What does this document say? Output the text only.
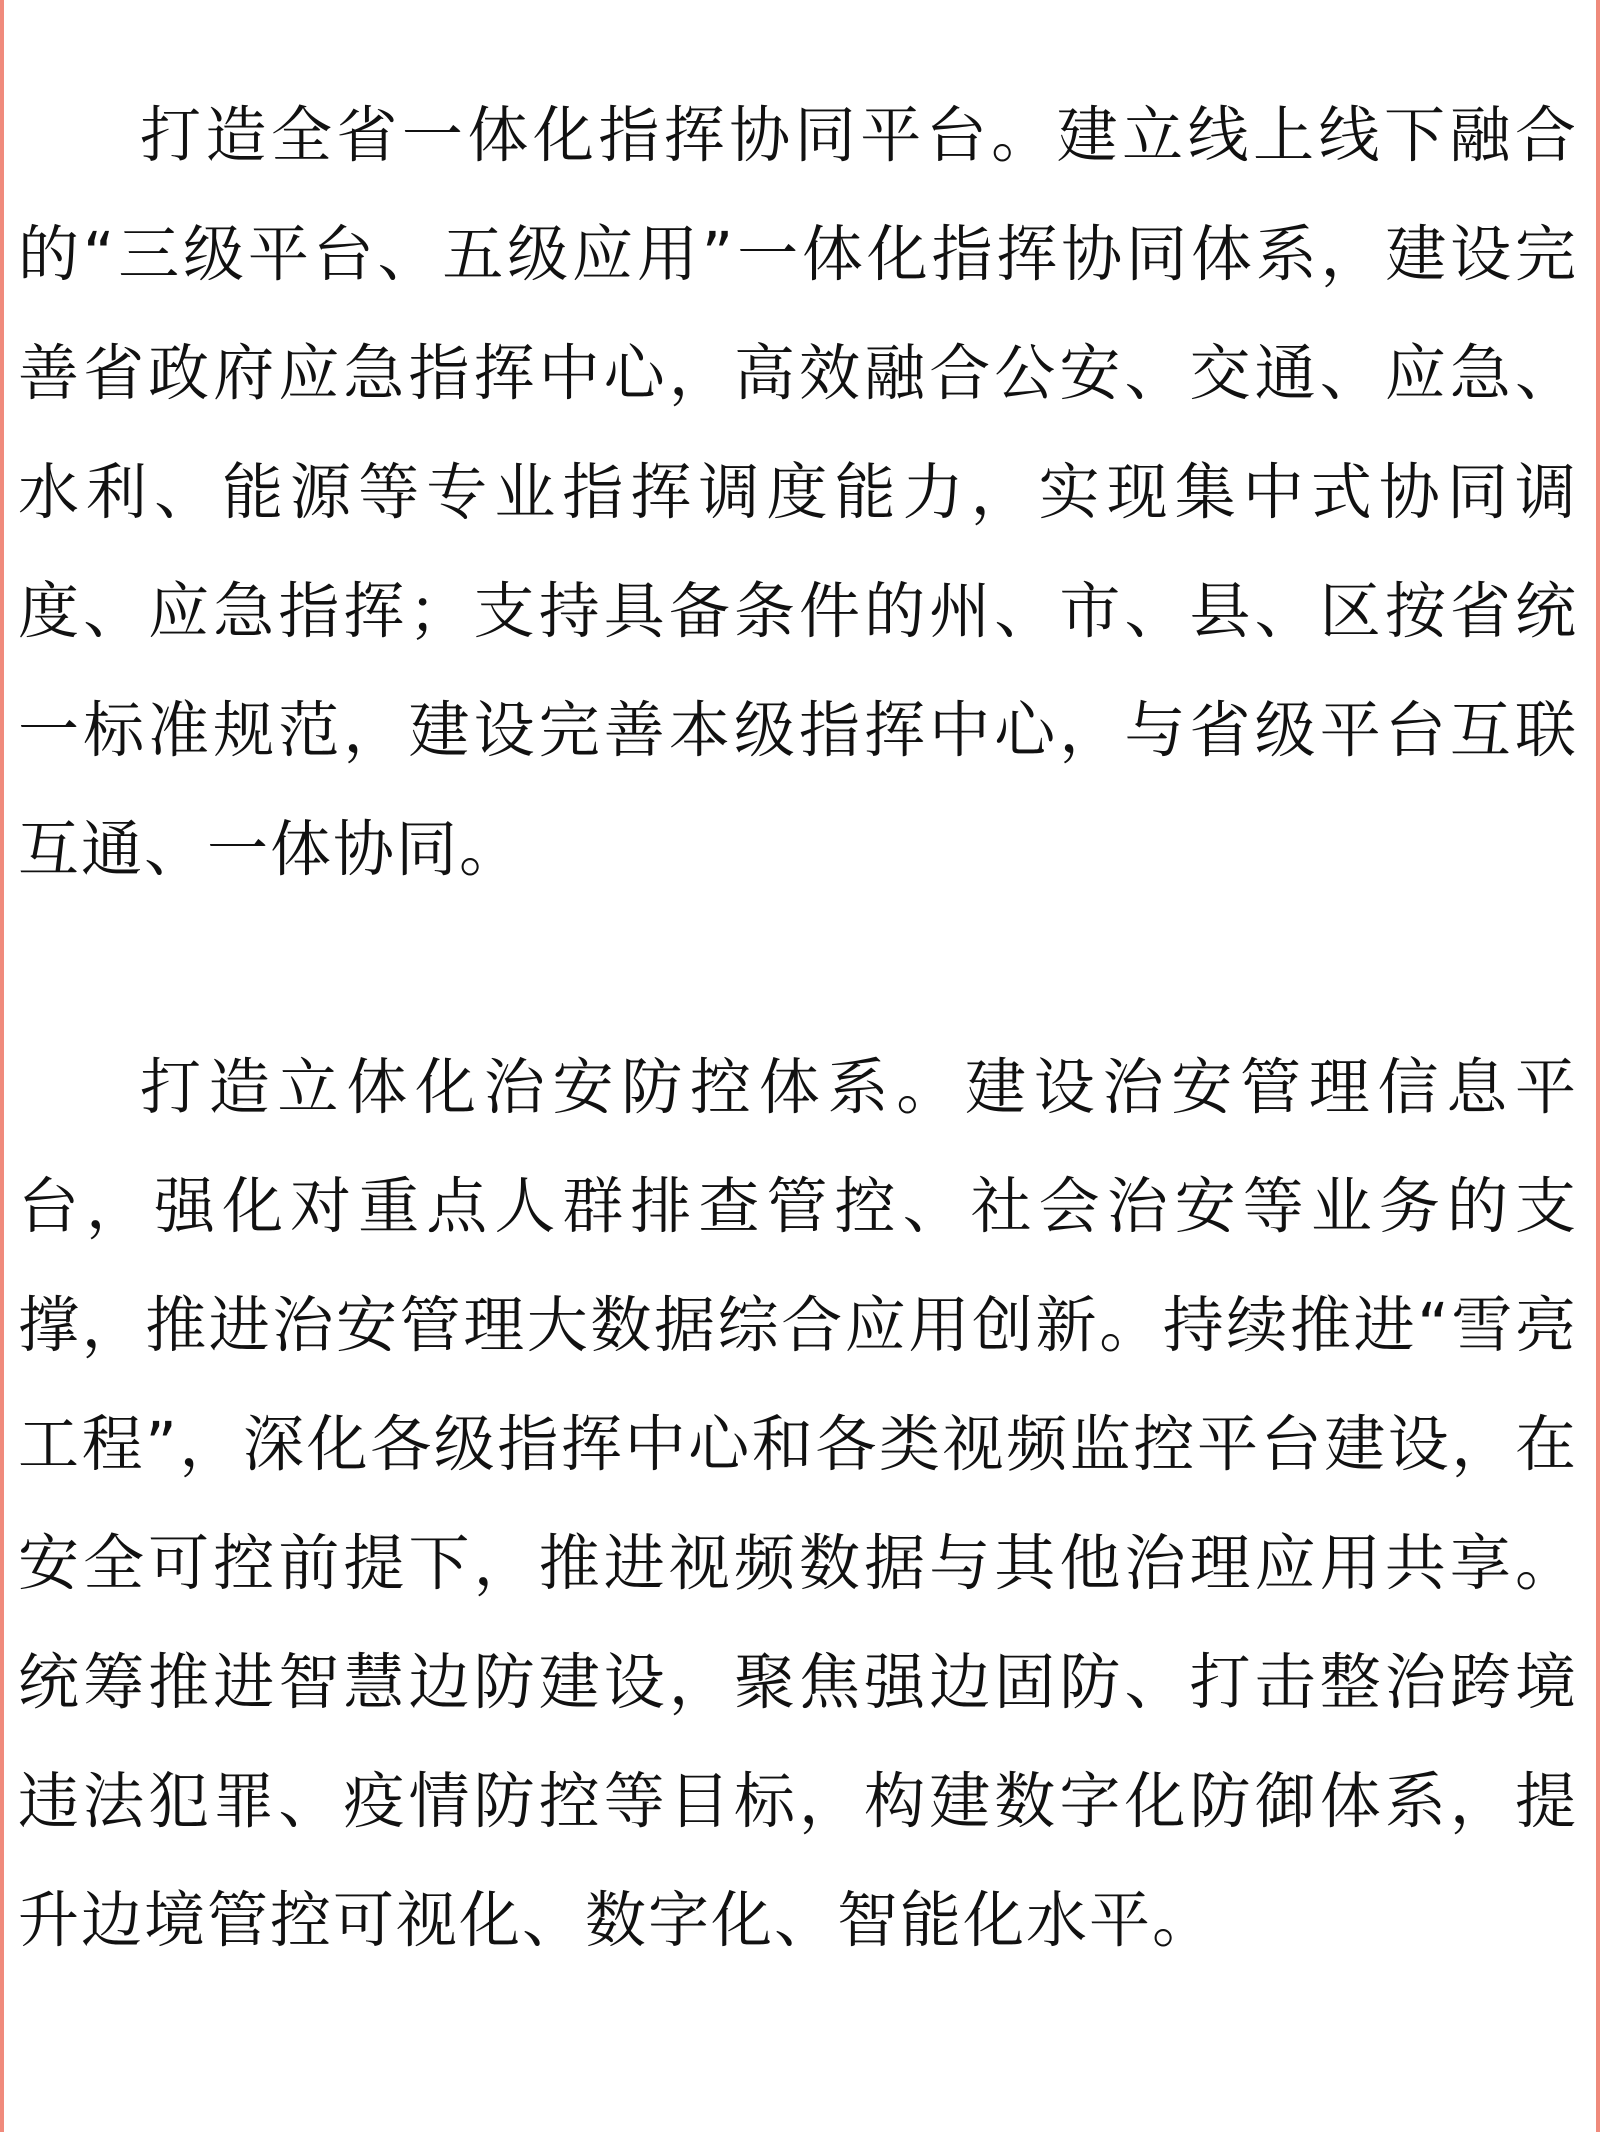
打造全省一体化指挥协同平台。建立线上线下融合的“三级平台、五级应用”一体化指挥协同体系，建设完善省政府应急指挥中心，高效融合公安、交通、应急、水利、能源等专业指挥调度能力，实现集中式协同调度、应急指挥；支持具备条件的州、市、县、区按省统一标准规范，建设完善本级指挥中心，与省级平台互联互通、一体协同。

打造立体化治安防控体系。建设治安管理信息平台，强化对重点人群排查管控、社会治安等业务的支撑，推进治安管理大数据综合应用创新。持续推进“雪亮工程”，深化各级指挥中心和各类视频监控平台建设，在安全可控前提下，推进视频数据与其他治理应用共享。统筹推进智慧边防建设，聚焦强边固防、打击整治跨境违法犯罪、疫情防控等目标，构建数字化防御体系，提升边境管控可视化、数字化、智能化水平。
